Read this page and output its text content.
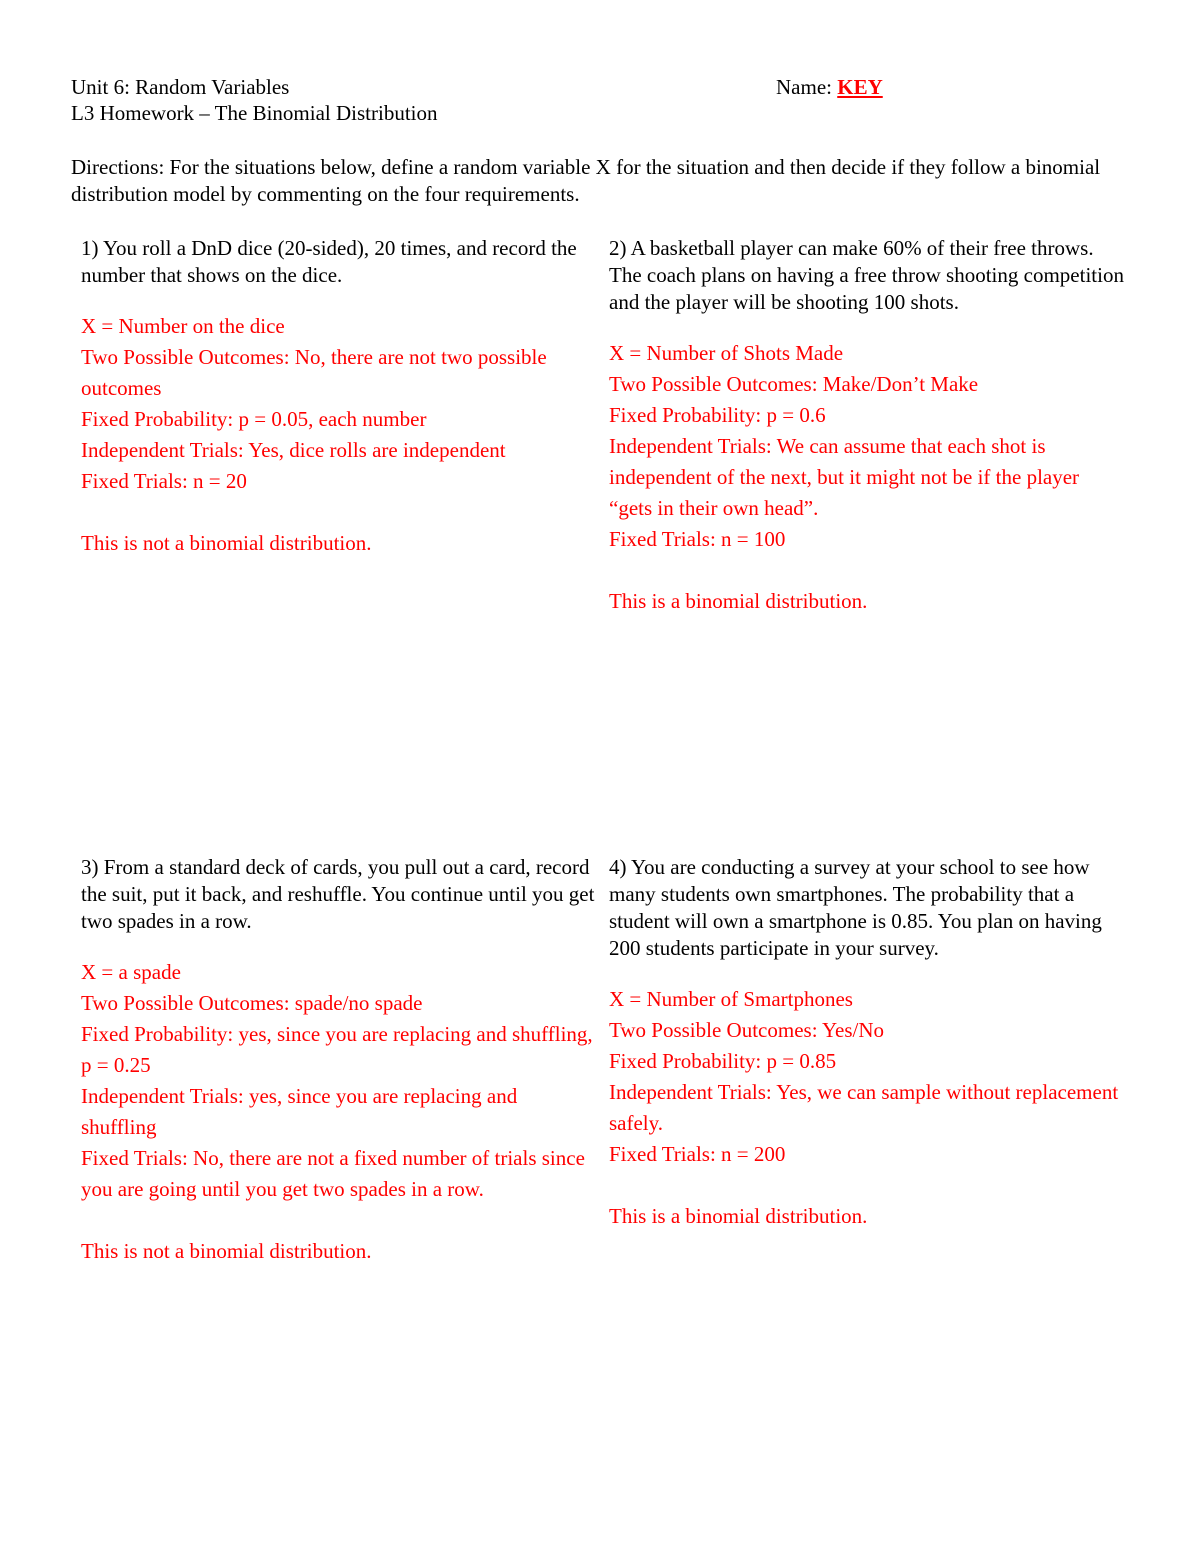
Unit 6: Random Variables
L3 Homework – The Binomial Distribution
Name: KEY
Directions: For the situations below, define a random variable X for the situation and then decide if they follow a binomial distribution model by commenting on the four requirements.

1) You roll a DnD dice (20-sided), 20 times, and record the number that shows on the dice.

X = Number on the dice
Two Possible Outcomes: No, there are not two possible outcomes
Fixed Probability: p = 0.05, each number
Independent Trials: Yes, dice rolls are independent
Fixed Trials: n = 20
This is not a binomial distribution.

2) A basketball player can make 60% of their free throws. The coach plans on having a free throw shooting competition and the player will be shooting 100 shots.

X = Number of Shots Made
Two Possible Outcomes: Make/Don’t Make
Fixed Probability: p = 0.6
Independent Trials: We can assume that each shot is independent of the next, but it might not be if the player “gets in their own head”.
Fixed Trials: n = 100
This is a binomial distribution.

3) From a standard deck of cards, you pull out a card, record the suit, put it back, and reshuffle. You continue until you get two spades in a row.

X = a spade
Two Possible Outcomes: spade/no spade
Fixed Probability: yes, since you are replacing and shuffling, p = 0.25
Independent Trials: yes, since you are replacing and shuffling
Fixed Trials: No, there are not a fixed number of trials since you are going until you get two spades in a row.
This is not a binomial distribution.

4) You are conducting a survey at your school to see how many students own smartphones. The probability that a student will own a smartphone is 0.85. You plan on having 200 students participate in your survey.

X = Number of Smartphones
Two Possible Outcomes: Yes/No
Fixed Probability: p = 0.85
Independent Trials: Yes, we can sample without replacement safely.
Fixed Trials: n = 200
This is a binomial distribution.
